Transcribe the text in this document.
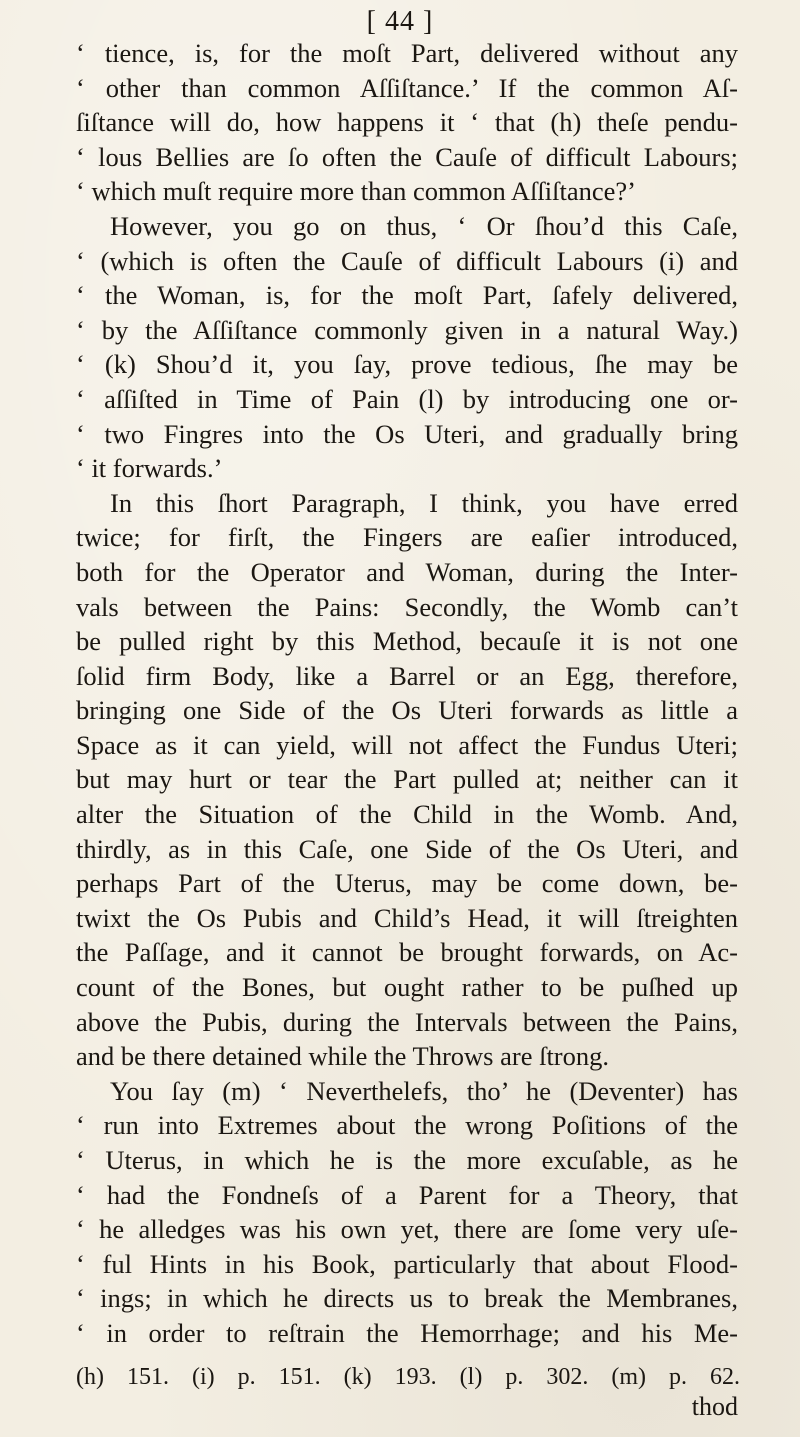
[ 44 ]
‘ tience, is, for the moſt Part, delivered without any
‘ other than common Aſſiſtance.’ If the common Aſ-
ſiſtance will do, how happens it ‘ that (h) theſe pendu-
‘ lous Bellies are ſo often the Cauſe of difficult Labours;
‘ which muſt require more than common Aſſiſtance?’
However, you go on thus, ‘ Or ſhou’d this Caſe,
‘ (which is often the Cauſe of difficult Labours (i) and
‘ the Woman, is, for the moſt Part, ſafely delivered,
‘ by the Aſſiſtance commonly given in a natural Way.)
‘ (k) Shou’d it, you ſay, prove tedious, ſhe may be
‘ aſſiſted in Time of Pain (l) by introducing one or-
‘ two Fingres into the Os Uteri, and gradually bring
‘ it forwards.’
In this ſhort Paragraph, I think, you have erred
twice; for firſt, the Fingers are eaſier introduced,
both for the Operator and Woman, during the Inter-
vals between the Pains: Secondly, the Womb can’t
be pulled right by this Method, becauſe it is not one
ſolid firm Body, like a Barrel or an Egg, therefore,
bringing one Side of the Os Uteri forwards as little a
Space as it can yield, will not affect the Fundus Uteri;
but may hurt or tear the Part pulled at; neither can it
alter the Situation of the Child in the Womb. And,
thirdly, as in this Caſe, one Side of the Os Uteri, and
perhaps Part of the Uterus, may be come down, be-
twixt the Os Pubis and Child’s Head, it will ſtreighten
the Paſſage, and it cannot be brought forwards, on Ac-
count of the Bones, but ought rather to be puſhed up
above the Pubis, during the Intervals between the Pains,
and be there detained while the Throws are ſtrong.
You ſay (m) ‘ Neverthelefs, tho’ he (Deventer) has
‘ run into Extremes about the wrong Poſitions of the
‘ Uterus, in which he is the more excuſable, as he
‘ had the Fondneſs of a Parent for a Theory, that
‘ he alledges was his own yet, there are ſome very uſe-
‘ ful Hints in his Book, particularly that about Flood-
‘ ings; in which he directs us to break the Membranes,
‘ in order to reſtrain the Hemorrhage; and his Me-
(h) 151. (i) p. 151. (k) 193. (l) p. 302. (m) p. 62.
thod
